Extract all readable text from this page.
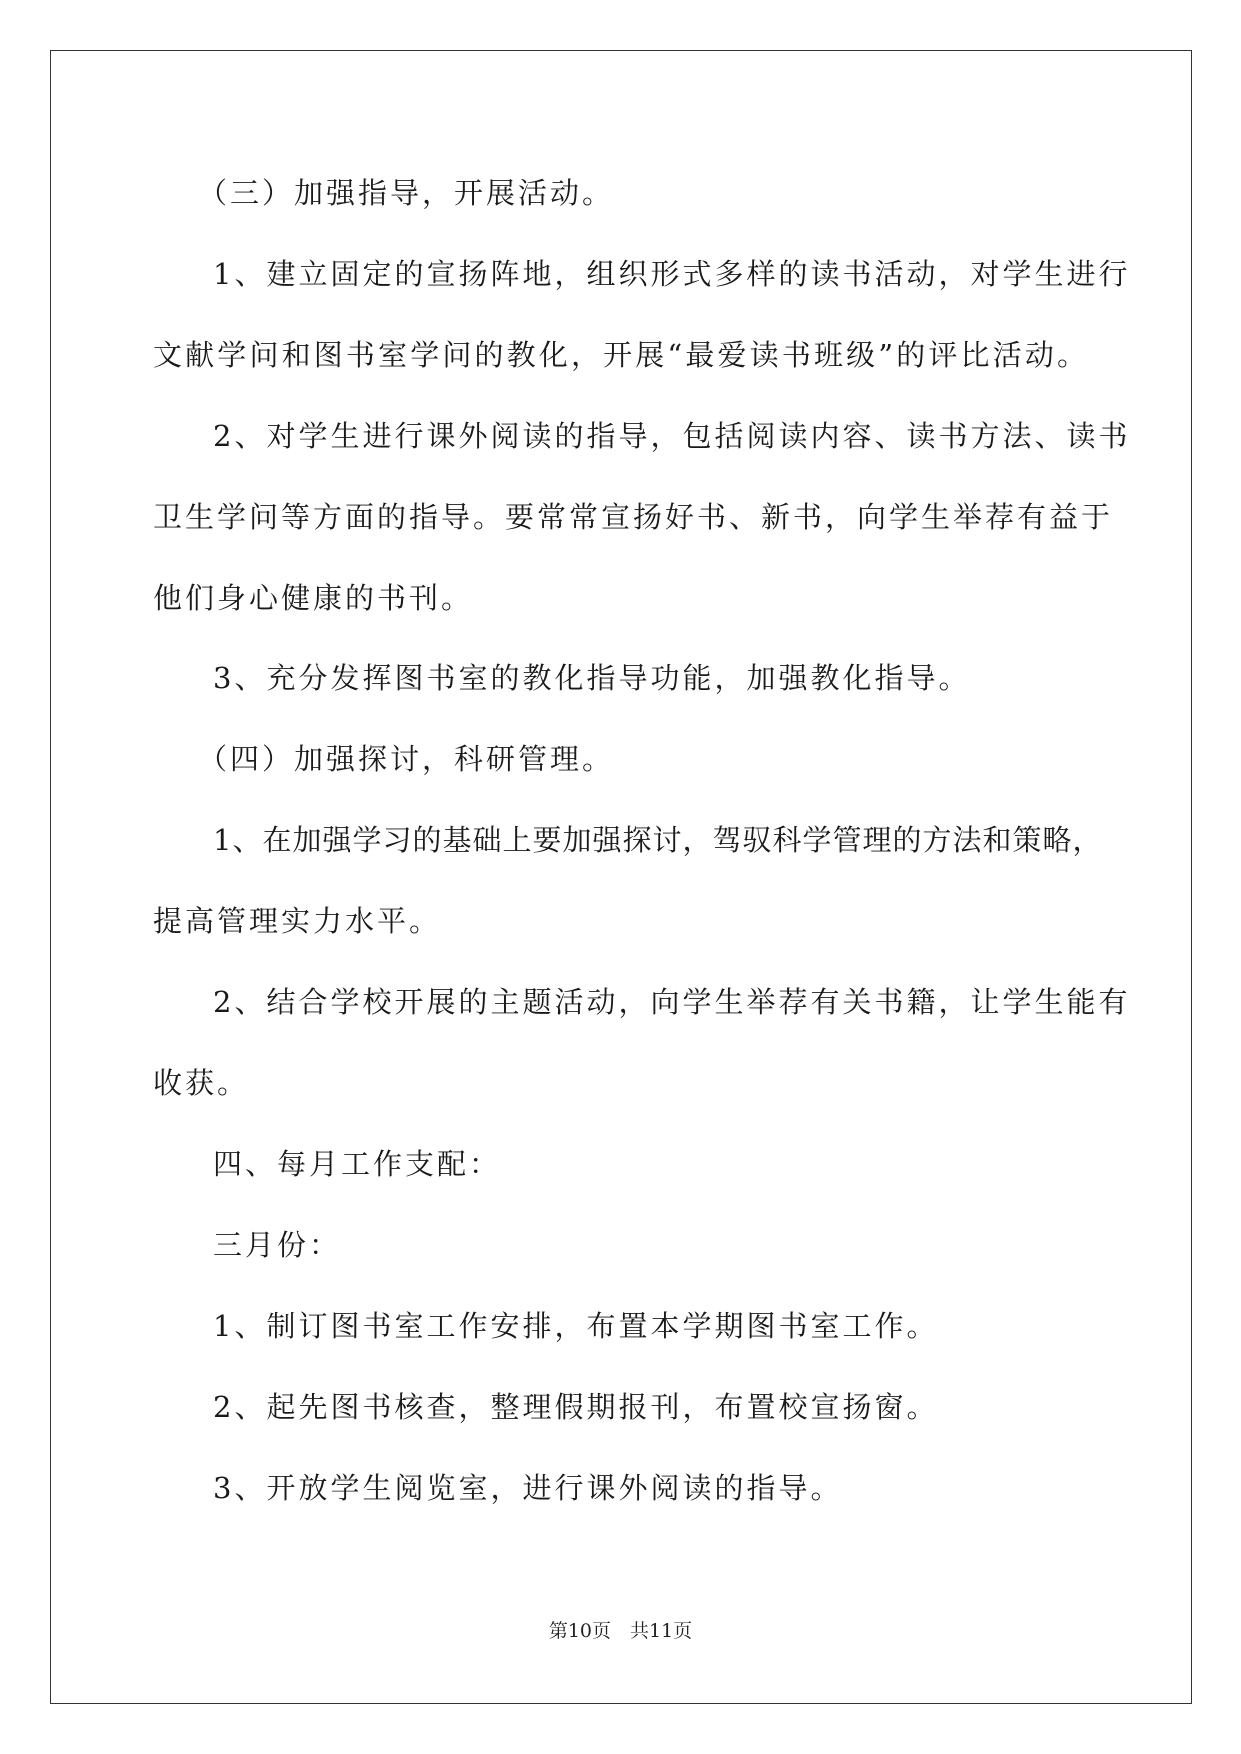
（三）加强指导，开展活动。
1、建立固定的宣扬阵地，组织形式多样的读书活动，对学生进行
文献学问和图书室学问的教化，开展“最爱读书班级”的评比活动。
2、对学生进行课外阅读的指导，包括阅读内容、读书方法、读书
卫生学问等方面的指导。要常常宣扬好书、新书，向学生举荐有益于
他们身心健康的书刊。
3、充分发挥图书室的教化指导功能，加强教化指导。
（四）加强探讨，科研管理。
1、在加强学习的基础上要加强探讨，驾驭科学管理的方法和策略，
提高管理实力水平。
2、结合学校开展的主题活动，向学生举荐有关书籍，让学生能有
收获。
四、每月工作支配：
三月份：
1、制订图书室工作安排，布置本学期图书室工作。
2、起先图书核查，整理假期报刊，布置校宣扬窗。
3、开放学生阅览室，进行课外阅读的指导。
第10页　共11页
